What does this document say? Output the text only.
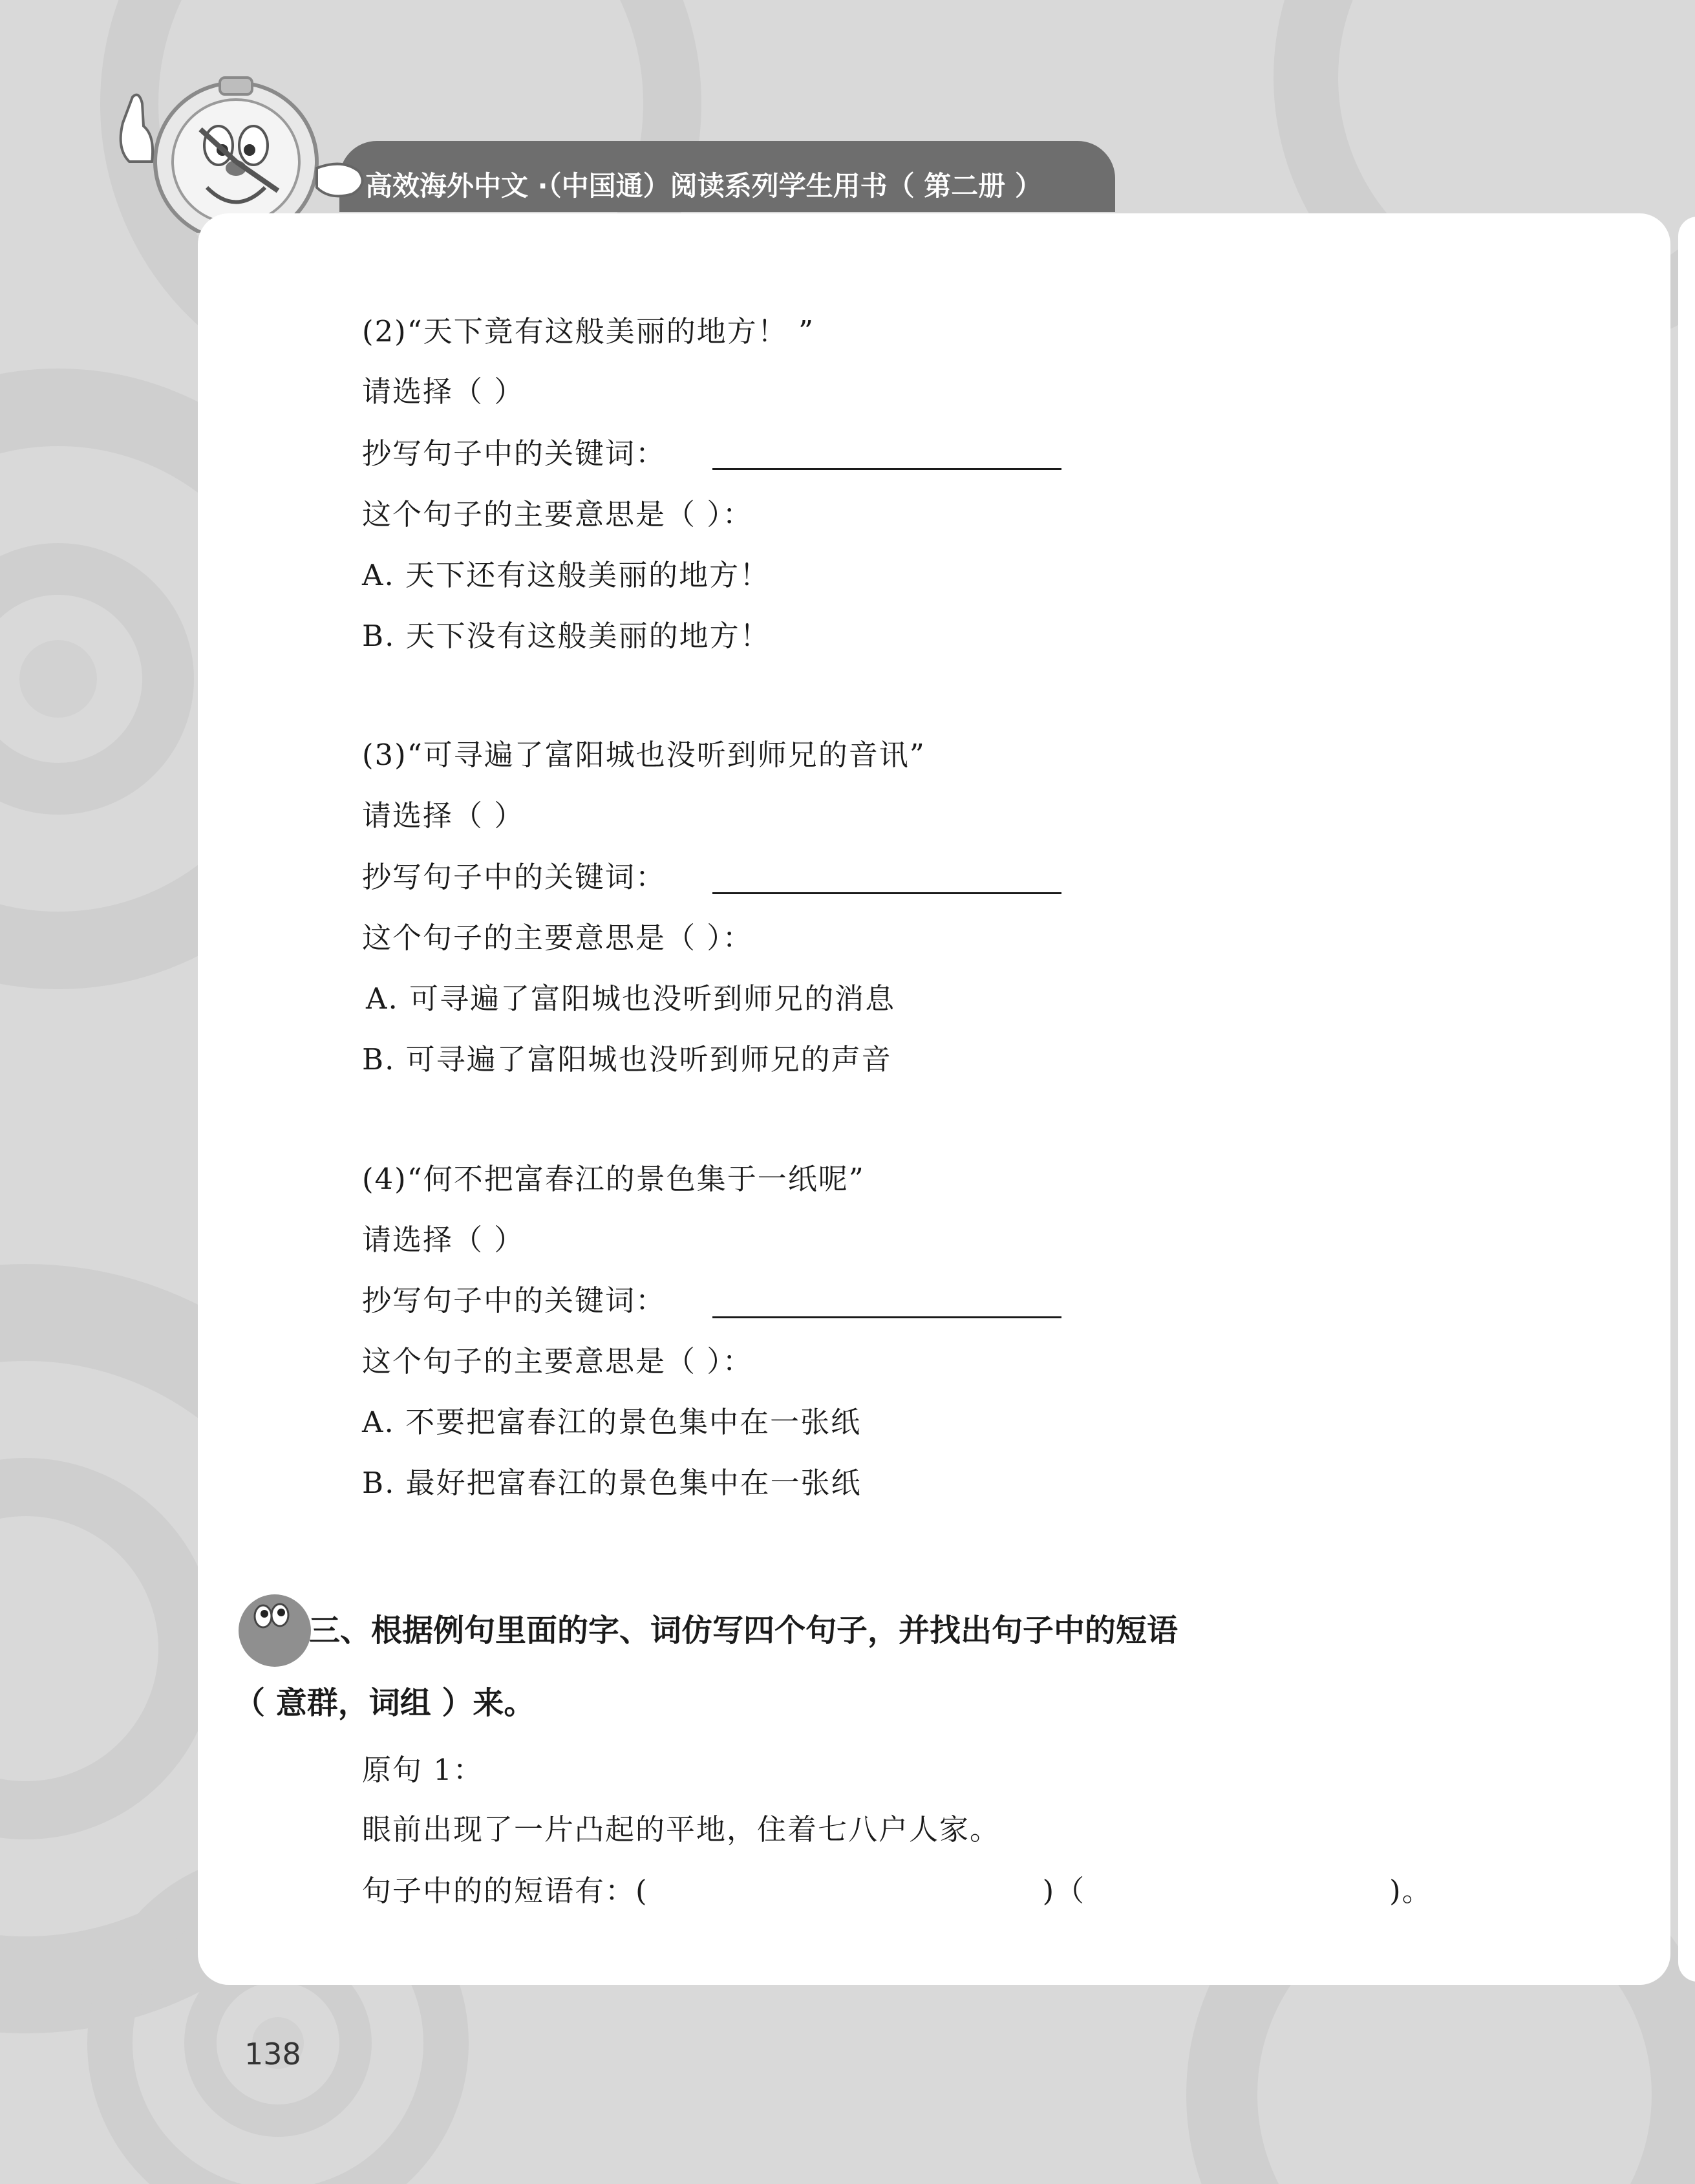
高效海外中文 ·（中国通）阅读系列学生用书（ 第二册 ）
(2)“天下竟有这般美丽的地方！ ”
请选择（ ）
抄写句子中的关键词：
这个句子的主要意思是（ ）：
A. 天下还有这般美丽的地方！
B. 天下没有这般美丽的地方！
(3)“可寻遍了富阳城也没听到师兄的音讯”
请选择（ ）
抄写句子中的关键词：
这个句子的主要意思是（ ）：
A. 可寻遍了富阳城也没听到师兄的消息
B. 可寻遍了富阳城也没听到师兄的声音
(4)“何不把富春江的景色集于一纸呢”
请选择（ ）
抄写句子中的关键词：
这个句子的主要意思是（ ）：
A. 不要把富春江的景色集中在一张纸
B. 最好把富春江的景色集中在一张纸
三、根据例句里面的字、词仿写四个句子，并找出句子中的短语
（ 意群，词组 ）来。
原句 1：
眼前出现了一片凸起的平地，住着七八户人家。
句子中的的短语有：(	)（	)。
138
